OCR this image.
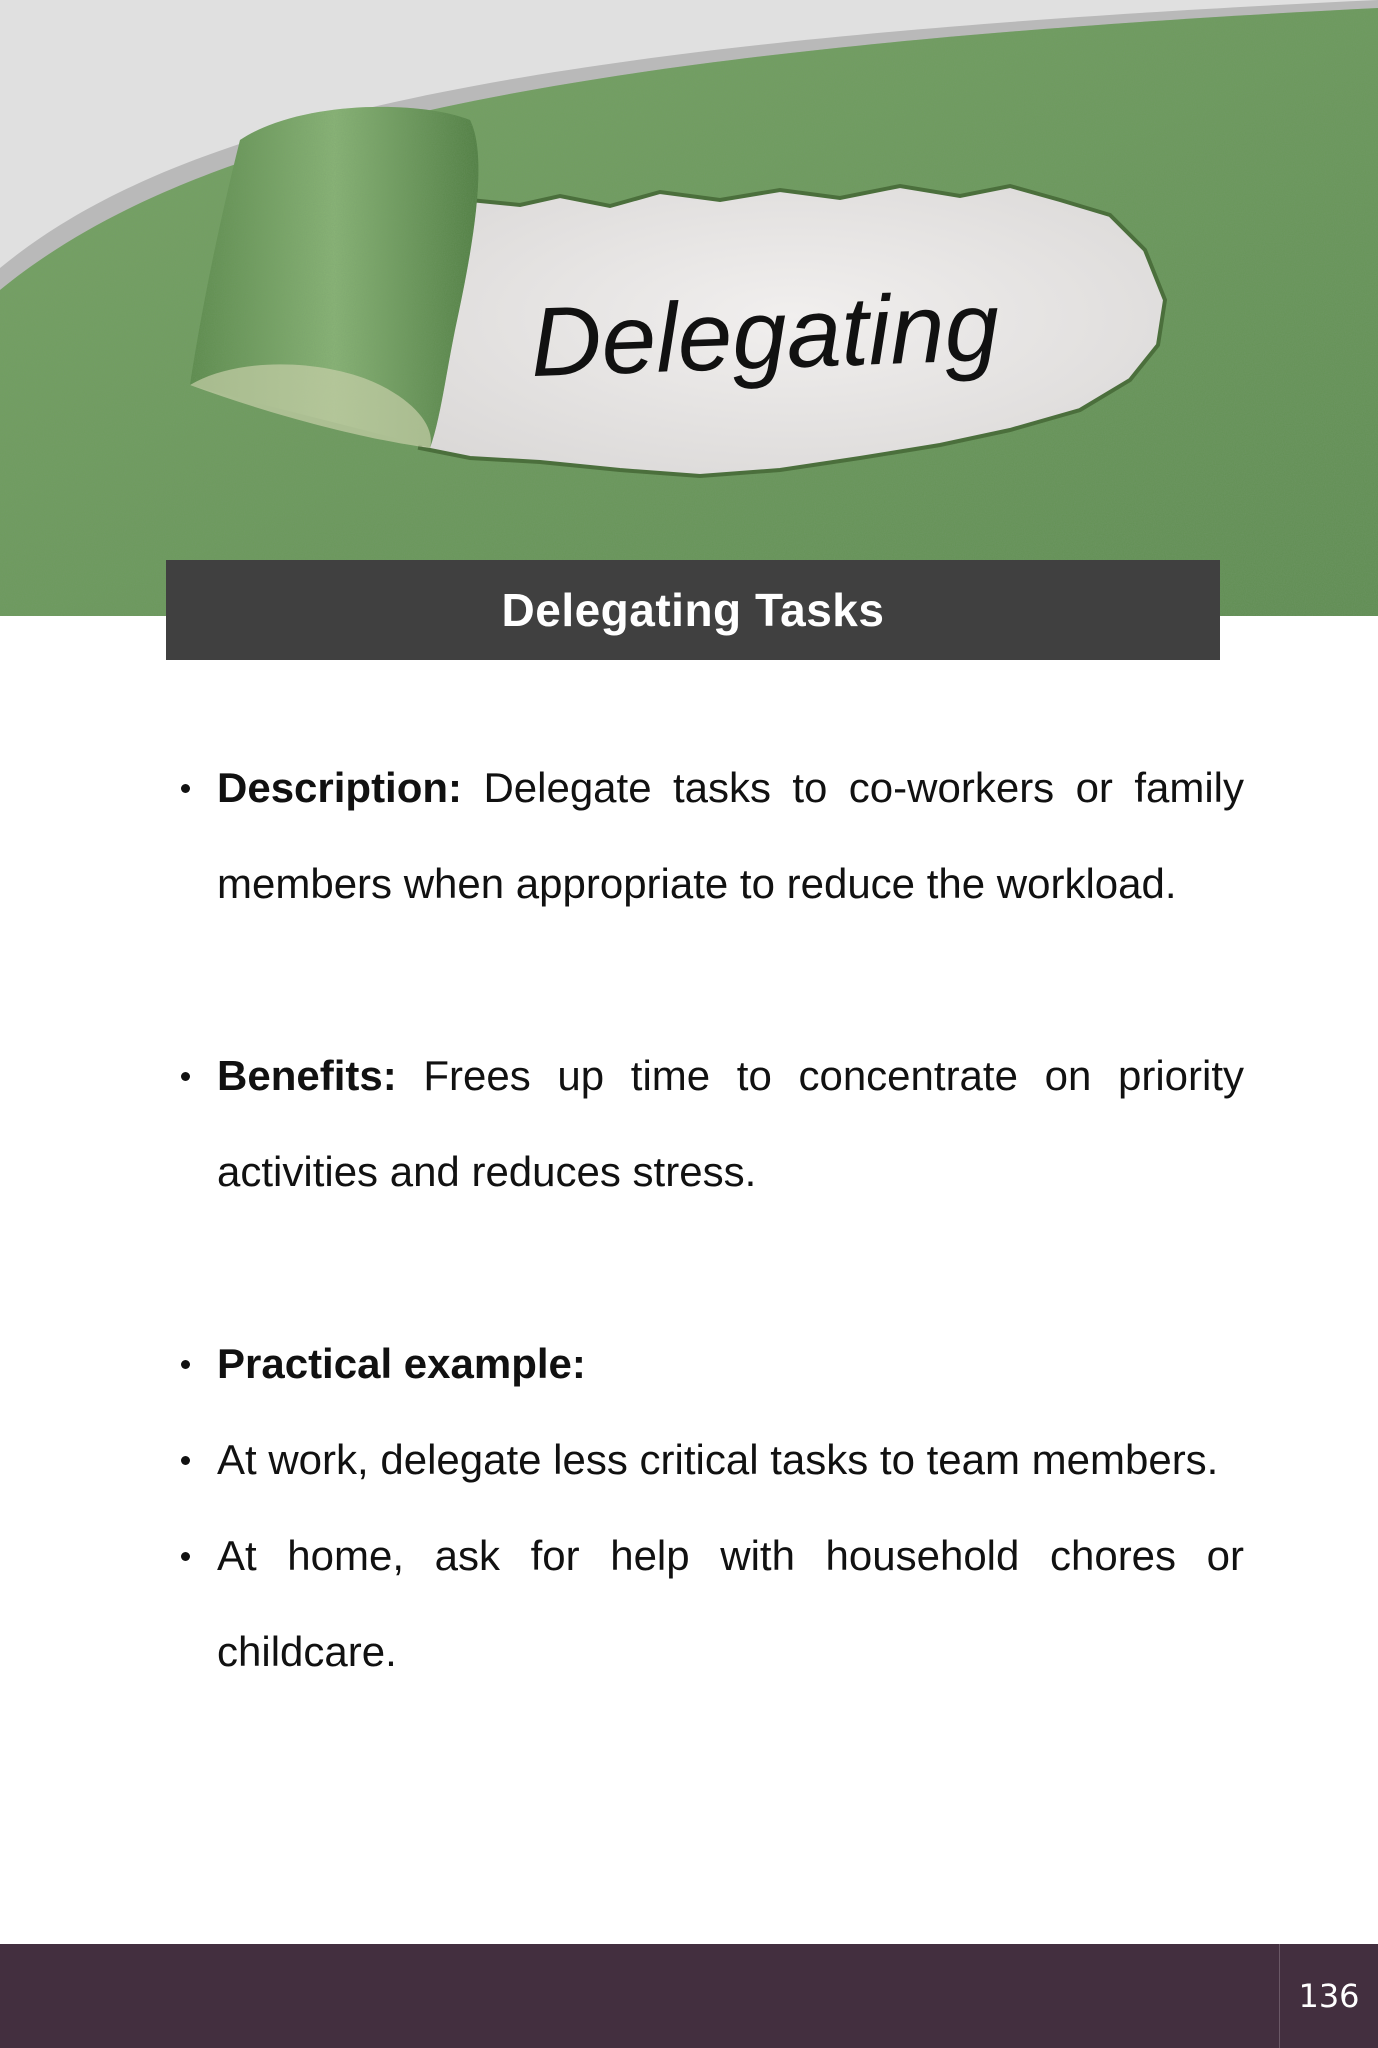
Delegating
Delegating Tasks
Description: Delegate tasks to co-workers or family members when appropriate to reduce the workload.
Benefits: Frees up time to concentrate on priority activities and reduces stress.
Practical example:
At work, delegate less critical tasks to team members.
At home, ask for help with household chores or childcare.
136
